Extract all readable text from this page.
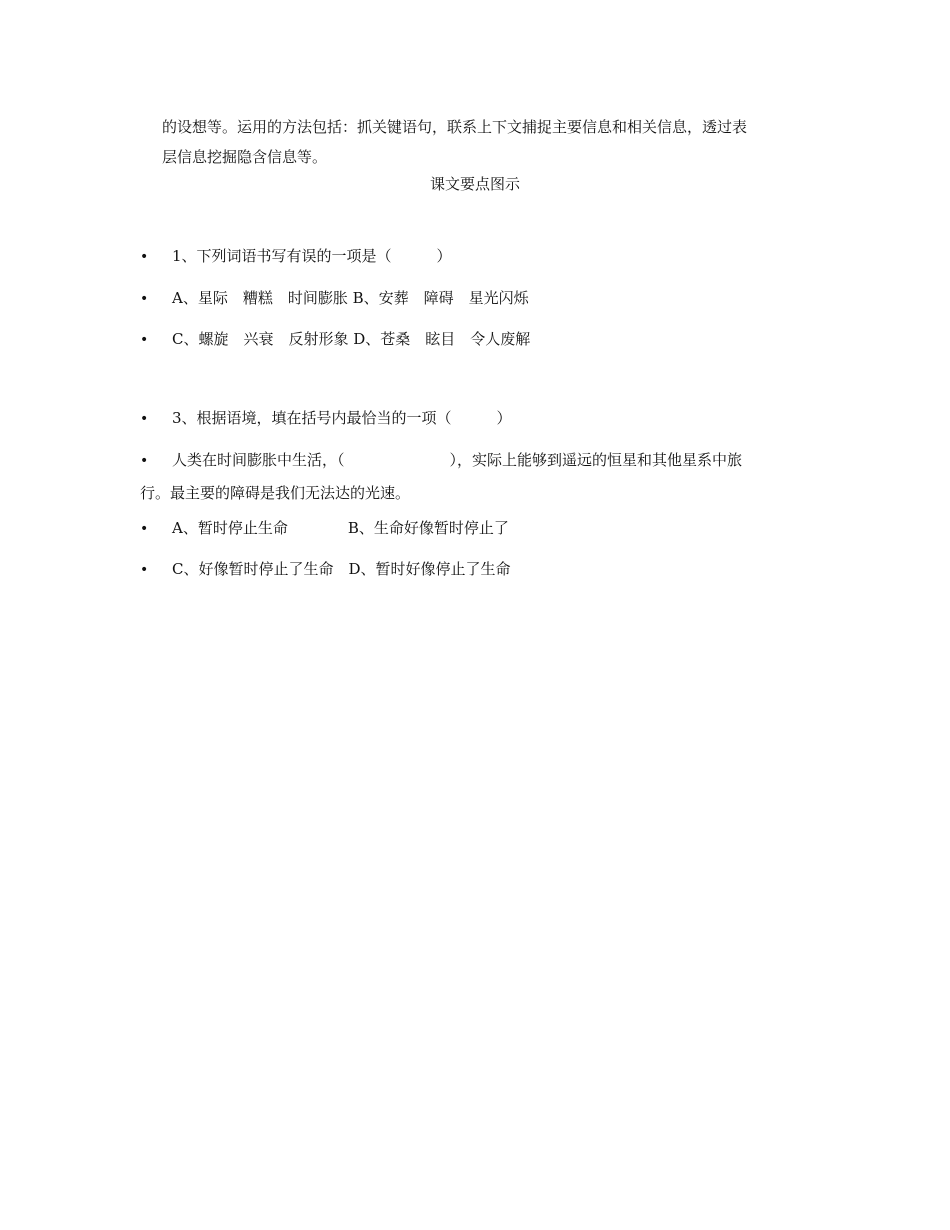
的设想等。运用的方法包括：抓关键语句，联系上下文捕捉主要信息和相关信息，透过表
层信息挖掘隐含信息等。

课文要点图示
• 1、下列词语书写有误的一项是（　　　）
• A、星际　糟糕　时间膨胀 B、安葬　障碍　星光闪烁
• C、螺旋　兴衰　反射形象 D、苍桑　眩目　令人废解
• 3、根据语境，填在括号内最恰当的一项（　　　）
• 人类在时间膨胀中生活，（　　　　　　　），实际上能够到遥远的恒星和其他星系中旅
行。最主要的障碍是我们无法达的光速。
• A、暂时停止生命　　　　B、生命好像暂时停止了
• C、好像暂时停止了生命　D、暂时好像停止了生命
